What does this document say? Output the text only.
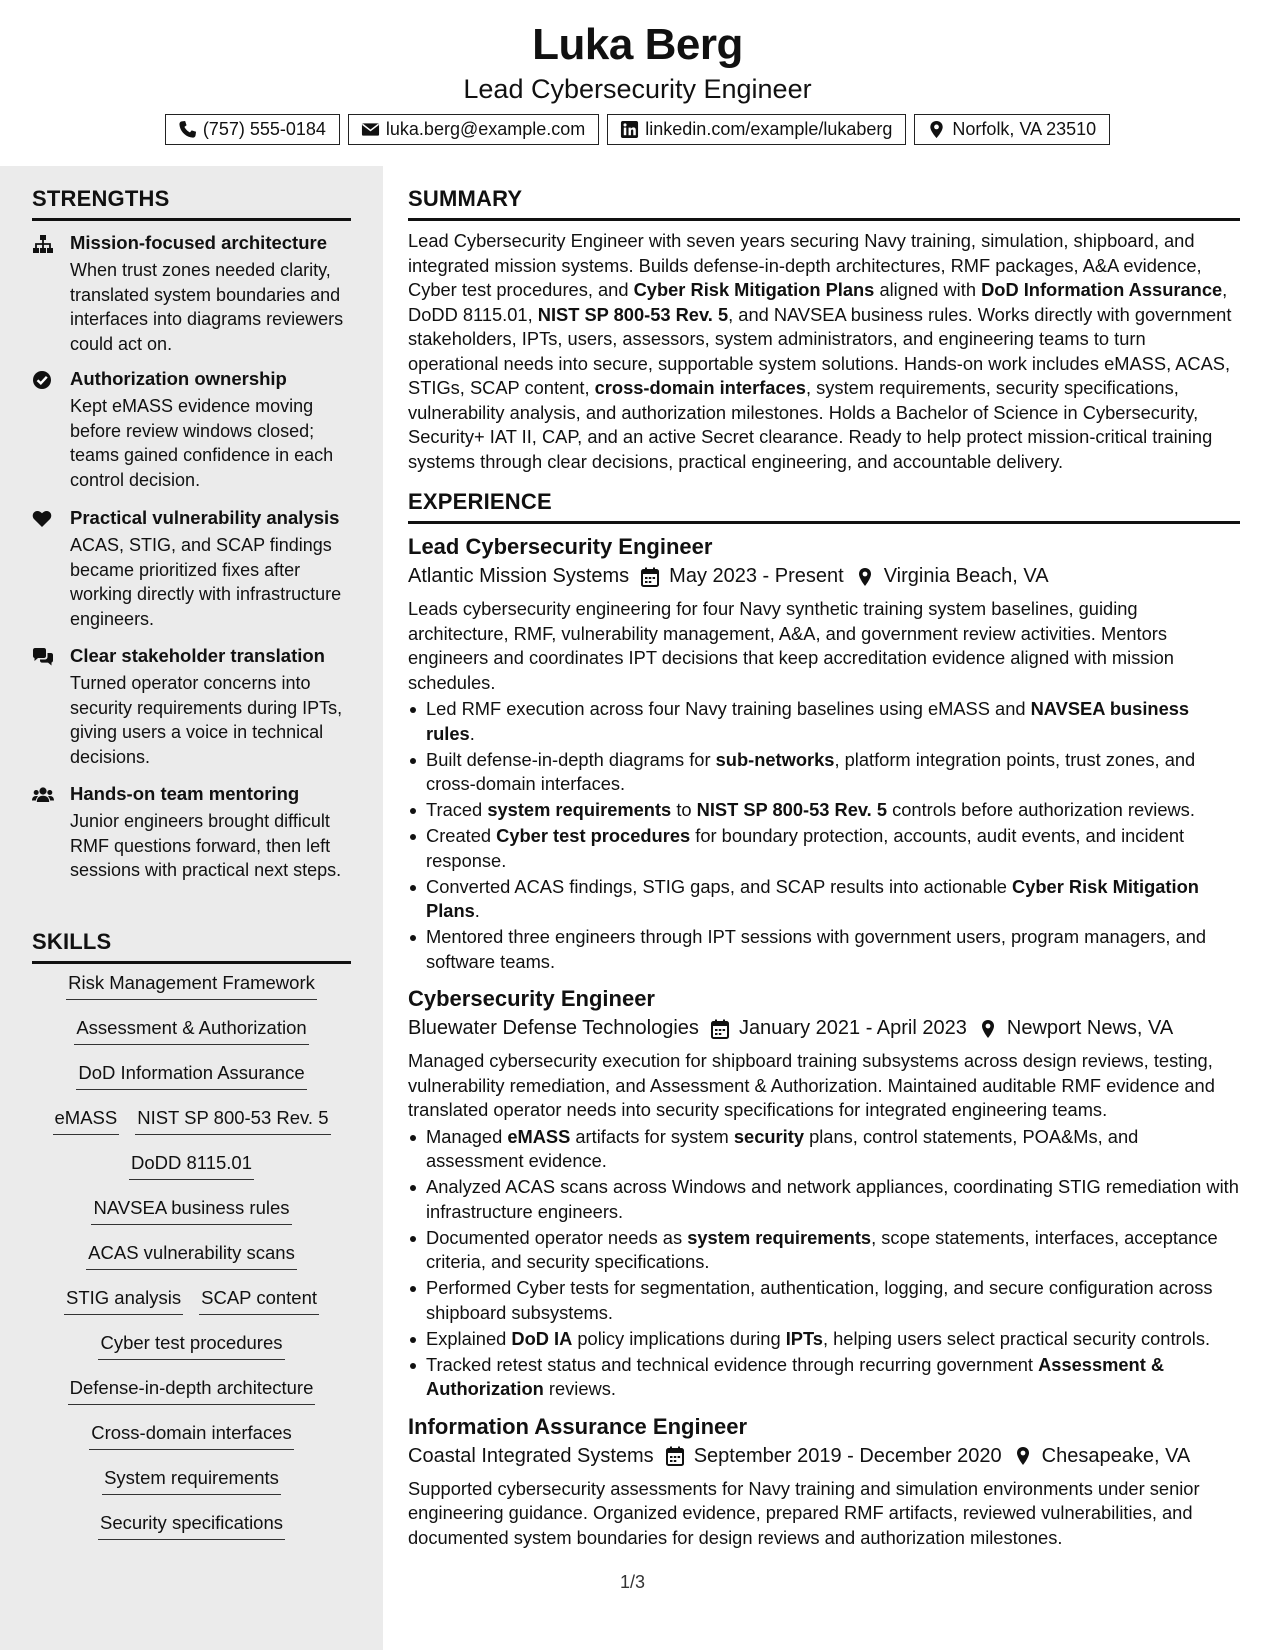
Luka Berg
Lead Cybersecurity Engineer
(757) 555-0184	luka.berg@example.com	linkedin.com/example/lukaberg	Norfolk, VA 23510
STRENGTHS
Mission-focused architecture
When trust zones needed clarity, translated system boundaries and interfaces into diagrams reviewers could act on.
Authorization ownership
Kept eMASS evidence moving before review windows closed; teams gained confidence in each control decision.
Practical vulnerability analysis
ACAS, STIG, and SCAP findings became prioritized fixes after working directly with infrastructure engineers.
Clear stakeholder translation
Turned operator concerns into security requirements during IPTs, giving users a voice in technical decisions.
Hands-on team mentoring
Junior engineers brought difficult RMF questions forward, then left sessions with practical next steps.
SKILLS
Risk Management Framework
Assessment & Authorization
DoD Information Assurance
eMASS NIST SP 800-53 Rev. 5
DoDD 8115.01
NAVSEA business rules
ACAS vulnerability scans
STIG analysis SCAP content
Cyber test procedures
Defense-in-depth architecture
Cross-domain interfaces
System requirements
Security specifications
SUMMARY

Lead Cybersecurity Engineer with seven years securing Navy training, simulation, shipboard, and integrated mission systems. Builds defense-in-depth architectures, RMF packages, A&A evidence, Cyber test procedures, and Cyber Risk Mitigation Plans aligned with DoD Information Assurance, DoDD 8115.01, NIST SP 800-53 Rev. 5, and NAVSEA business rules. Works directly with government stakeholders, IPTs, users, assessors, system administrators, and engineering teams to turn operational needs into secure, supportable system solutions. Hands-on work includes eMASS, ACAS, STIGs, SCAP content, cross-domain interfaces, system requirements, security specifications, vulnerability analysis, and authorization milestones. Holds a Bachelor of Science in Cybersecurity, Security+ IAT II, CAP, and an active Secret clearance. Ready to help protect mission-critical training systems through clear decisions, practical engineering, and accountable delivery.

EXPERIENCE
Lead Cybersecurity Engineer
Atlantic Mission Systems May 2023 - Present Virginia Beach, VA

Leads cybersecurity engineering for four Navy synthetic training system baselines, guiding architecture, RMF, vulnerability management, A&A, and government review activities. Mentors engineers and coordinates IPT decisions that keep accreditation evidence aligned with mission schedules.

Led RMF execution across four Navy training baselines using eMASS and NAVSEA business rules.
Built defense-in-depth diagrams for sub-networks, platform integration points, trust zones, and cross-domain interfaces.
Traced system requirements to NIST SP 800-53 Rev. 5 controls before authorization reviews.
Created Cyber test procedures for boundary protection, accounts, audit events, and incident response.
Converted ACAS findings, STIG gaps, and SCAP results into actionable Cyber Risk Mitigation Plans.
Mentored three engineers through IPT sessions with government users, program managers, and software teams.
Cybersecurity Engineer
Bluewater Defense Technologies January 2021 - April 2023 Newport News, VA

Managed cybersecurity execution for shipboard training subsystems across design reviews, testing, vulnerability remediation, and Assessment & Authorization. Maintained auditable RMF evidence and translated operator needs into security specifications for integrated engineering teams.

Managed eMASS artifacts for system security plans, control statements, POA&Ms, and assessment evidence.
Analyzed ACAS scans across Windows and network appliances, coordinating STIG remediation with infrastructure engineers.
Documented operator needs as system requirements, scope statements, interfaces, acceptance criteria, and security specifications.
Performed Cyber tests for segmentation, authentication, logging, and secure configuration across shipboard subsystems.
Explained DoD IA policy implications during IPTs, helping users select practical security controls.
Tracked retest status and technical evidence through recurring government Assessment & Authorization reviews.
Information Assurance Engineer
Coastal Integrated Systems September 2019 - December 2020 Chesapeake, VA

Supported cybersecurity assessments for Navy training and simulation environments under senior engineering guidance. Organized evidence, prepared RMF artifacts, reviewed vulnerabilities, and documented system boundaries for design reviews and authorization milestones.

1/3
